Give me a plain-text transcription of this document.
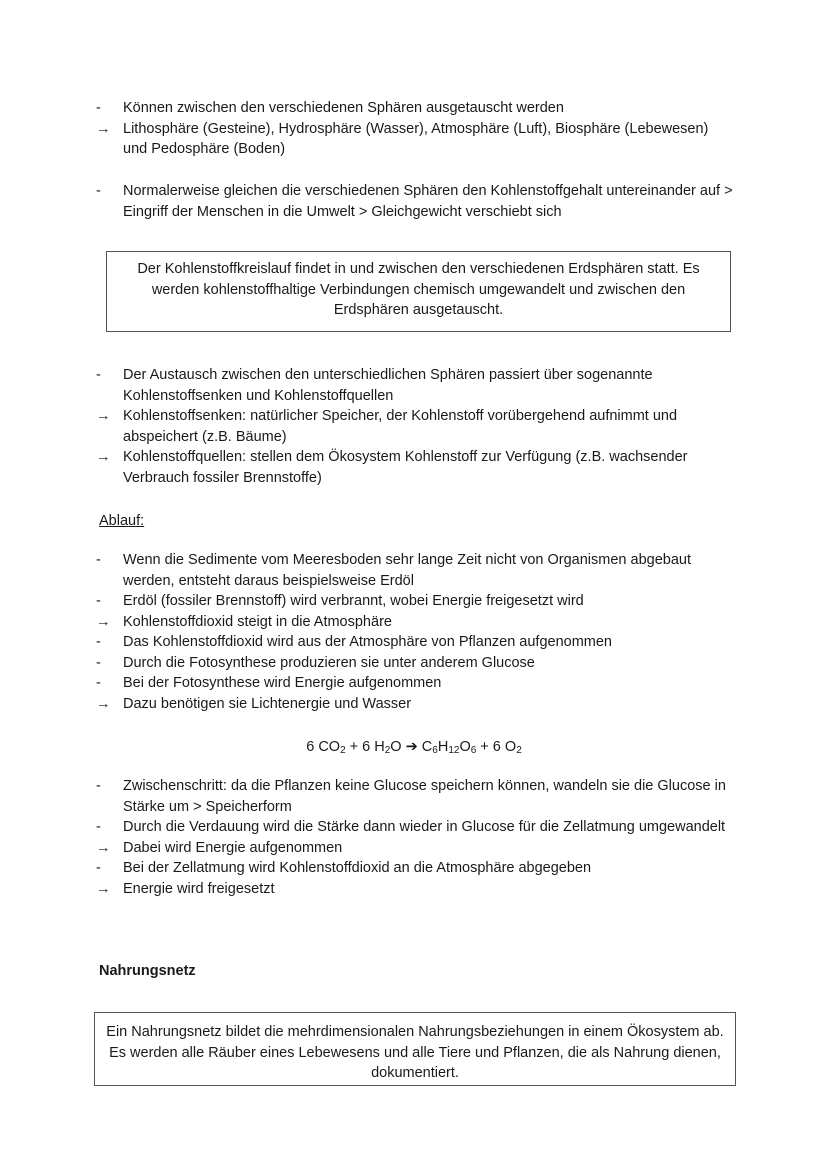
-	Können zwischen den verschiedenen Sphären ausgetauscht werden
→ Lithosphäre (Gesteine), Hydrosphäre (Wasser), Atmosphäre (Luft), Biosphäre (Lebewesen) und Pedosphäre (Boden)
-	Normalerweise gleichen die verschiedenen Sphären den Kohlenstoffgehalt untereinander auf > Eingriff der Menschen in die Umwelt > Gleichgewicht verschiebt sich
Der Kohlenstoffkreislauf findet in und zwischen den verschiedenen Erdsphären statt. Es werden kohlenstoffhaltige Verbindungen chemisch umgewandelt und zwischen den Erdsphären ausgetauscht.
-	Der Austausch zwischen den unterschiedlichen Sphären passiert über sogenannte Kohlenstoffsenken und Kohlenstoffquellen
→ Kohlenstoffsenken: natürlicher Speicher, der Kohlenstoff vorübergehend aufnimmt und abspeichert (z.B. Bäume)
→ Kohlenstoffquellen: stellen dem Ökosystem Kohlenstoff zur Verfügung (z.B. wachsender Verbrauch fossiler Brennstoffe)
Ablauf:
-	Wenn die Sedimente vom Meeresboden sehr lange Zeit nicht von Organismen abgebaut werden, entsteht daraus beispielsweise Erdöl
-	Erdöl (fossiler Brennstoff) wird verbrannt, wobei Energie freigesetzt wird
→ Kohlenstoffdioxid steigt in die Atmosphäre
-	Das Kohlenstoffdioxid wird aus der Atmosphäre von Pflanzen aufgenommen
-	Durch die Fotosynthese produzieren sie unter anderem Glucose
-	Bei der Fotosynthese wird Energie aufgenommen
→ Dazu benötigen sie Lichtenergie und Wasser
6 $CO_2 + 6$ $H_2O$ ➔ $C_6H_{12}O_6 + 6$ $O_2$
-	Zwischenschritt: da die Pflanzen keine Glucose speichern können, wandeln sie die Glucose in Stärke um > Speicherform
-	Durch die Verdauung wird die Stärke dann wieder in Glucose für die Zellatmung umgewandelt
→ Dabei wird Energie aufgenommen
-	Bei der Zellatmung wird Kohlenstoffdioxid an die Atmosphäre abgegeben
→ Energie wird freigesetzt
Nahrungsnetz
Ein Nahrungsnetz bildet die mehrdimensionalen Nahrungsbeziehungen in einem Ökosystem ab. Es werden alle Räuber eines Lebewesens und alle Tiere und Pflanzen, die als Nahrung dienen, dokumentiert.
